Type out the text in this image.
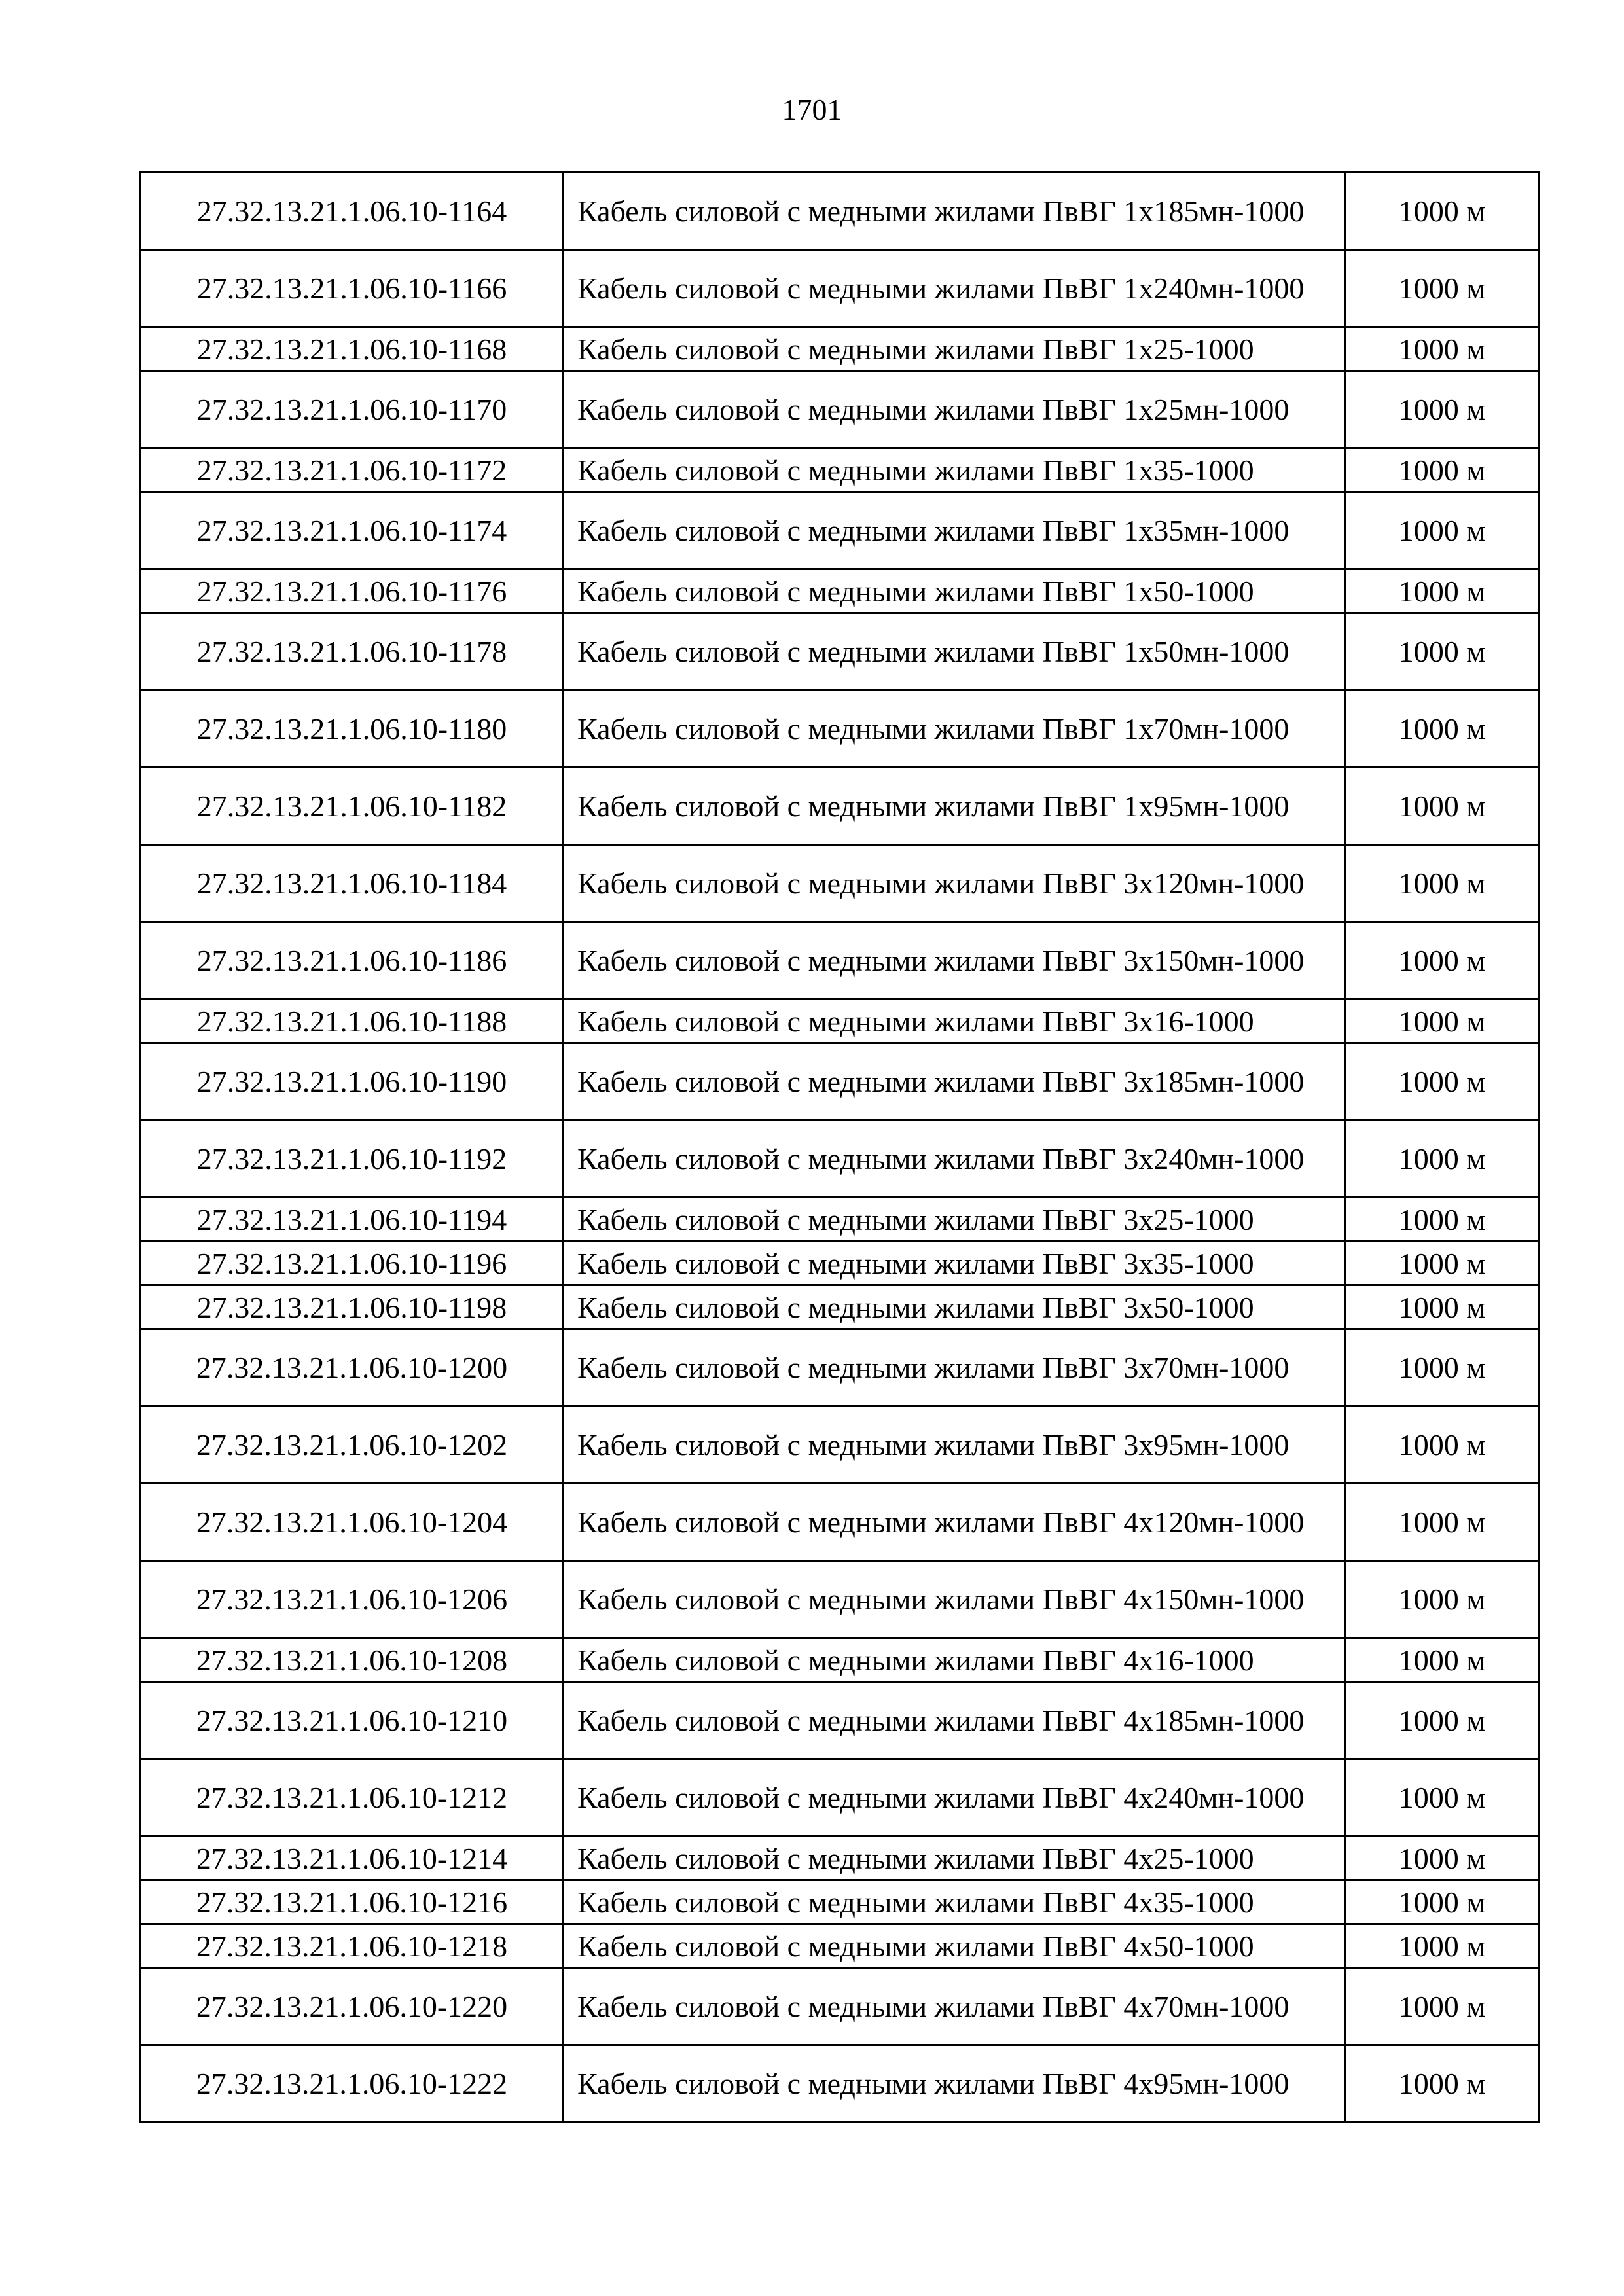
1701
27.32.13.21.1.06.10-1164	Кабель силовой с медными жилами ПвВГ 1х185мн-1000	1000 м
27.32.13.21.1.06.10-1166	Кабель силовой с медными жилами ПвВГ 1х240мн-1000	1000 м
27.32.13.21.1.06.10-1168	Кабель силовой с медными жилами ПвВГ 1х25-1000	1000 м
27.32.13.21.1.06.10-1170	Кабель силовой с медными жилами ПвВГ 1х25мн-1000	1000 м
27.32.13.21.1.06.10-1172	Кабель силовой с медными жилами ПвВГ 1х35-1000	1000 м
27.32.13.21.1.06.10-1174	Кабель силовой с медными жилами ПвВГ 1х35мн-1000	1000 м
27.32.13.21.1.06.10-1176	Кабель силовой с медными жилами ПвВГ 1х50-1000	1000 м
27.32.13.21.1.06.10-1178	Кабель силовой с медными жилами ПвВГ 1х50мн-1000	1000 м
27.32.13.21.1.06.10-1180	Кабель силовой с медными жилами ПвВГ 1х70мн-1000	1000 м
27.32.13.21.1.06.10-1182	Кабель силовой с медными жилами ПвВГ 1х95мн-1000	1000 м
27.32.13.21.1.06.10-1184	Кабель силовой с медными жилами ПвВГ 3х120мн-1000	1000 м
27.32.13.21.1.06.10-1186	Кабель силовой с медными жилами ПвВГ 3х150мн-1000	1000 м
27.32.13.21.1.06.10-1188	Кабель силовой с медными жилами ПвВГ 3х16-1000	1000 м
27.32.13.21.1.06.10-1190	Кабель силовой с медными жилами ПвВГ 3х185мн-1000	1000 м
27.32.13.21.1.06.10-1192	Кабель силовой с медными жилами ПвВГ 3х240мн-1000	1000 м
27.32.13.21.1.06.10-1194	Кабель силовой с медными жилами ПвВГ 3х25-1000	1000 м
27.32.13.21.1.06.10-1196	Кабель силовой с медными жилами ПвВГ 3х35-1000	1000 м
27.32.13.21.1.06.10-1198	Кабель силовой с медными жилами ПвВГ 3х50-1000	1000 м
27.32.13.21.1.06.10-1200	Кабель силовой с медными жилами ПвВГ 3х70мн-1000	1000 м
27.32.13.21.1.06.10-1202	Кабель силовой с медными жилами ПвВГ 3х95мн-1000	1000 м
27.32.13.21.1.06.10-1204	Кабель силовой с медными жилами ПвВГ 4х120мн-1000	1000 м
27.32.13.21.1.06.10-1206	Кабель силовой с медными жилами ПвВГ 4х150мн-1000	1000 м
27.32.13.21.1.06.10-1208	Кабель силовой с медными жилами ПвВГ 4х16-1000	1000 м
27.32.13.21.1.06.10-1210	Кабель силовой с медными жилами ПвВГ 4х185мн-1000	1000 м
27.32.13.21.1.06.10-1212	Кабель силовой с медными жилами ПвВГ 4х240мн-1000	1000 м
27.32.13.21.1.06.10-1214	Кабель силовой с медными жилами ПвВГ 4х25-1000	1000 м
27.32.13.21.1.06.10-1216	Кабель силовой с медными жилами ПвВГ 4х35-1000	1000 м
27.32.13.21.1.06.10-1218	Кабель силовой с медными жилами ПвВГ 4х50-1000	1000 м
27.32.13.21.1.06.10-1220	Кабель силовой с медными жилами ПвВГ 4х70мн-1000	1000 м
27.32.13.21.1.06.10-1222	Кабель силовой с медными жилами ПвВГ 4х95мн-1000	1000 м
